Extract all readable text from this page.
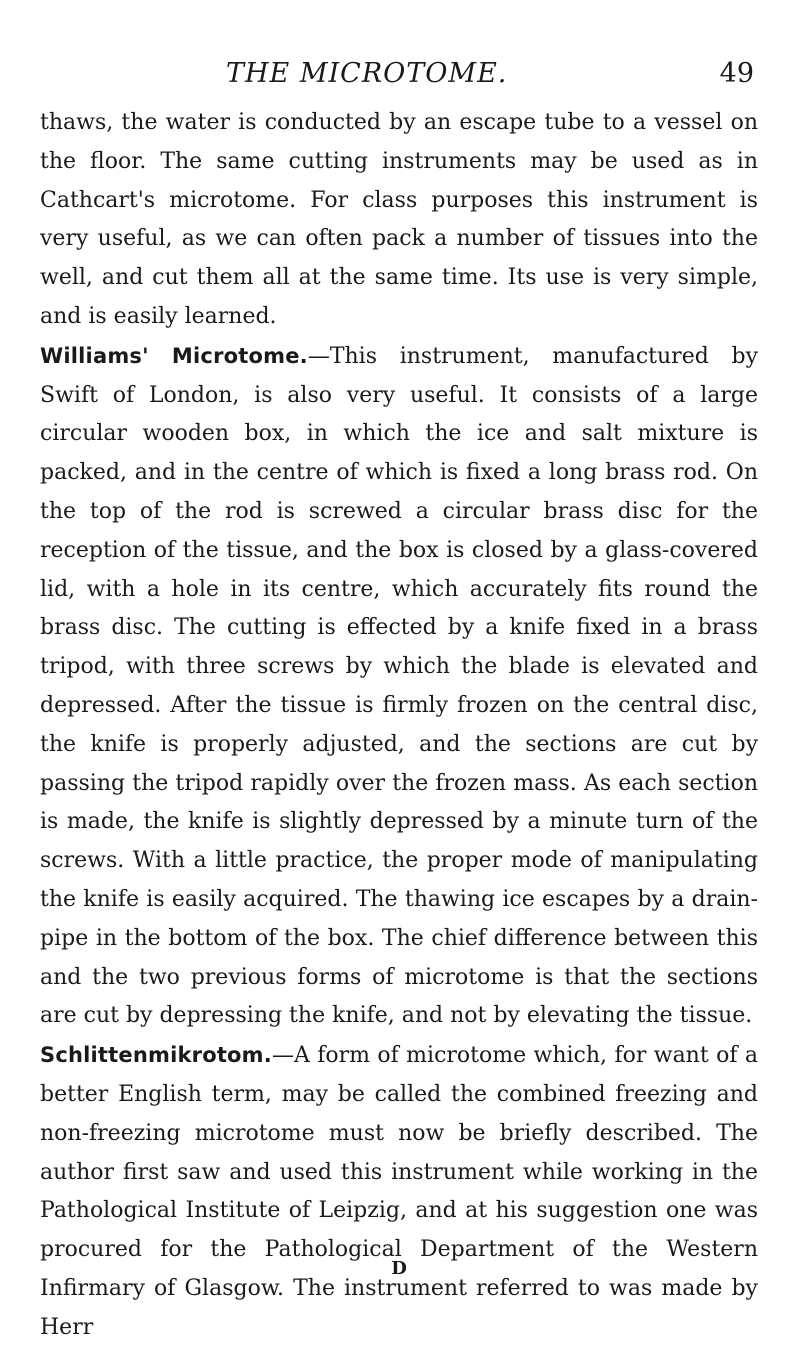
THE MICROTOME.	49

thaws, the water is conducted by an escape tube to a vessel on the floor. The same cutting instruments may be used as in Cathcart's microtome. For class purposes this instrument is very useful, as we can often pack a number of tissues into the well, and cut them all at the same time. Its use is very simple, and is easily learned.

Williams' Microtome.—This instrument, manufactured by Swift of London, is also very useful. It consists of a large circular wooden box, in which the ice and salt mixture is packed, and in the centre of which is fixed a long brass rod. On the top of the rod is screwed a circular brass disc for the reception of the tissue, and the box is closed by a glass-covered lid, with a hole in its centre, which accurately fits round the brass disc. The cutting is effected by a knife fixed in a brass tripod, with three screws by which the blade is elevated and depressed. After the tissue is firmly frozen on the central disc, the knife is properly adjusted, and the sections are cut by passing the tripod rapidly over the frozen mass. As each section is made, the knife is slightly depressed by a minute turn of the screws. With a little practice, the proper mode of manipulating the knife is easily acquired. The thawing ice escapes by a drain-pipe in the bottom of the box. The chief difference between this and the two previous forms of microtome is that the sections are cut by depressing the knife, and not by elevating the tissue.

Schlittenmikrotom.—A form of microtome which, for want of a better English term, may be called the combined freezing and non-freezing microtome must now be briefly described. The author first saw and used this instrument while working in the Pathological Institute of Leipzig, and at his suggestion one was procured for the Pathological Department of the Western Infirmary of Glasgow. The instrument referred to was made by Herr

D
